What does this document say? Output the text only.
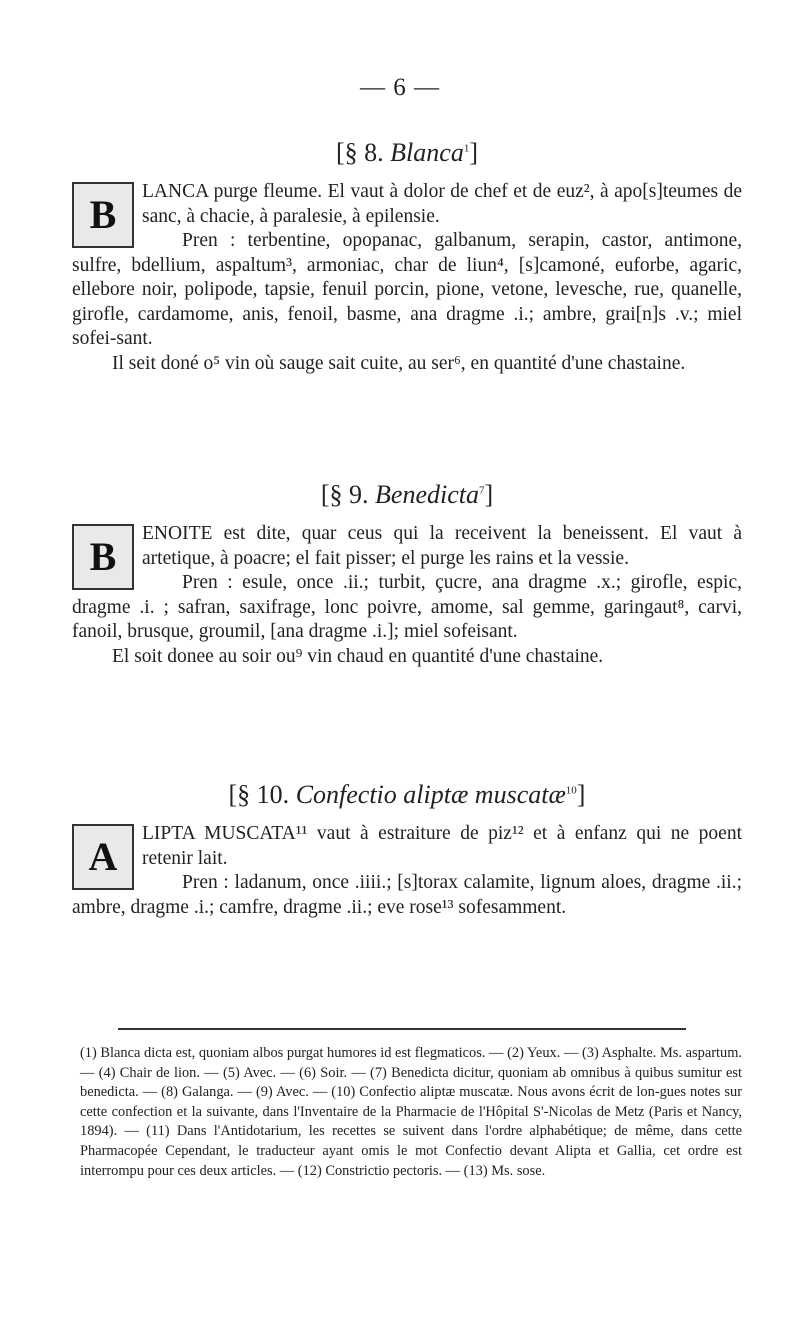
— 6 —
[§ 8. Blanca$^1$]

B
LANCA purge fleume. El vaut à dolor de chef et de euz², à apo[s]teumes de sanc, à chacie, à paralesie, à epilensie.

Pren : terbentine, opopanac, galbanum, serapin, castor, antimone, sulfre, bdellium, aspaltum³, armoniac, char de liun⁴, [s]camoné, euforbe, agaric, ellebore noir, polipode, tapsie, fenuil porcin, pione, vetone, levesche, rue, quanelle, girofle, cardamome, anis, fenoil, basme, ana dragme .i.; ambre, grai[n]s .v.; miel sofei-sant.

Il seit doné o⁵ vin où sauge sait cuite, au ser⁶, en quantité d'une chastaine.

[§ 9. Benedicta$^7$]

B
ENOITE est dite, quar ceus qui la receivent la beneissent. El vaut à artetique, à poacre; el fait pisser; el purge les rains et la vessie.

Pren : esule, once .ii.; turbit, çucre, ana dragme .x.; girofle, espic, dragme .i. ; safran, saxifrage, lonc poivre, amome, sal gemme, garingaut⁸, carvi, fanoil, brusque, groumil, [ana dragme .i.]; miel sofeisant.

El soit donee au soir ou⁹ vin chaud en quantité d'une chastaine.

[§ 10. Confectio aliptæ muscatæ$^{10}$]

A
LIPTA MUSCATA¹¹ vaut à estraiture de piz¹² et à enfanz qui ne poent retenir lait.

Pren : ladanum, once .iiii.; [s]torax calamite, lignum aloes, dragme .ii.; ambre, dragme .i.; camfre, dragme .ii.; eve rose¹³ sofesamment.

(1) Blanca dicta est, quoniam albos purgat humores id est flegmaticos. — (2) Yeux. — (3) Asphalte. Ms. aspartum. — (4) Chair de lion. — (5) Avec. — (6) Soir. — (7) Benedicta dicitur, quoniam ab omnibus à quibus sumitur est benedicta. — (8) Galanga. — (9) Avec. — (10) Confectio aliptæ muscatæ. Nous avons écrit de lon-gues notes sur cette confection et la suivante, dans l'Inventaire de la Pharmacie de l'Hôpital S'-Nicolas de Metz (Paris et Nancy, 1894). — (11) Dans l'Antidotarium, les recettes se suivent dans l'ordre alphabétique; de même, dans cette Pharmacopée Cependant, le traducteur ayant omis le mot Confectio devant Alipta et Gallia, cet ordre est interrompu pour ces deux articles. — (12) Constrictio pectoris. — (13) Ms. sose.
